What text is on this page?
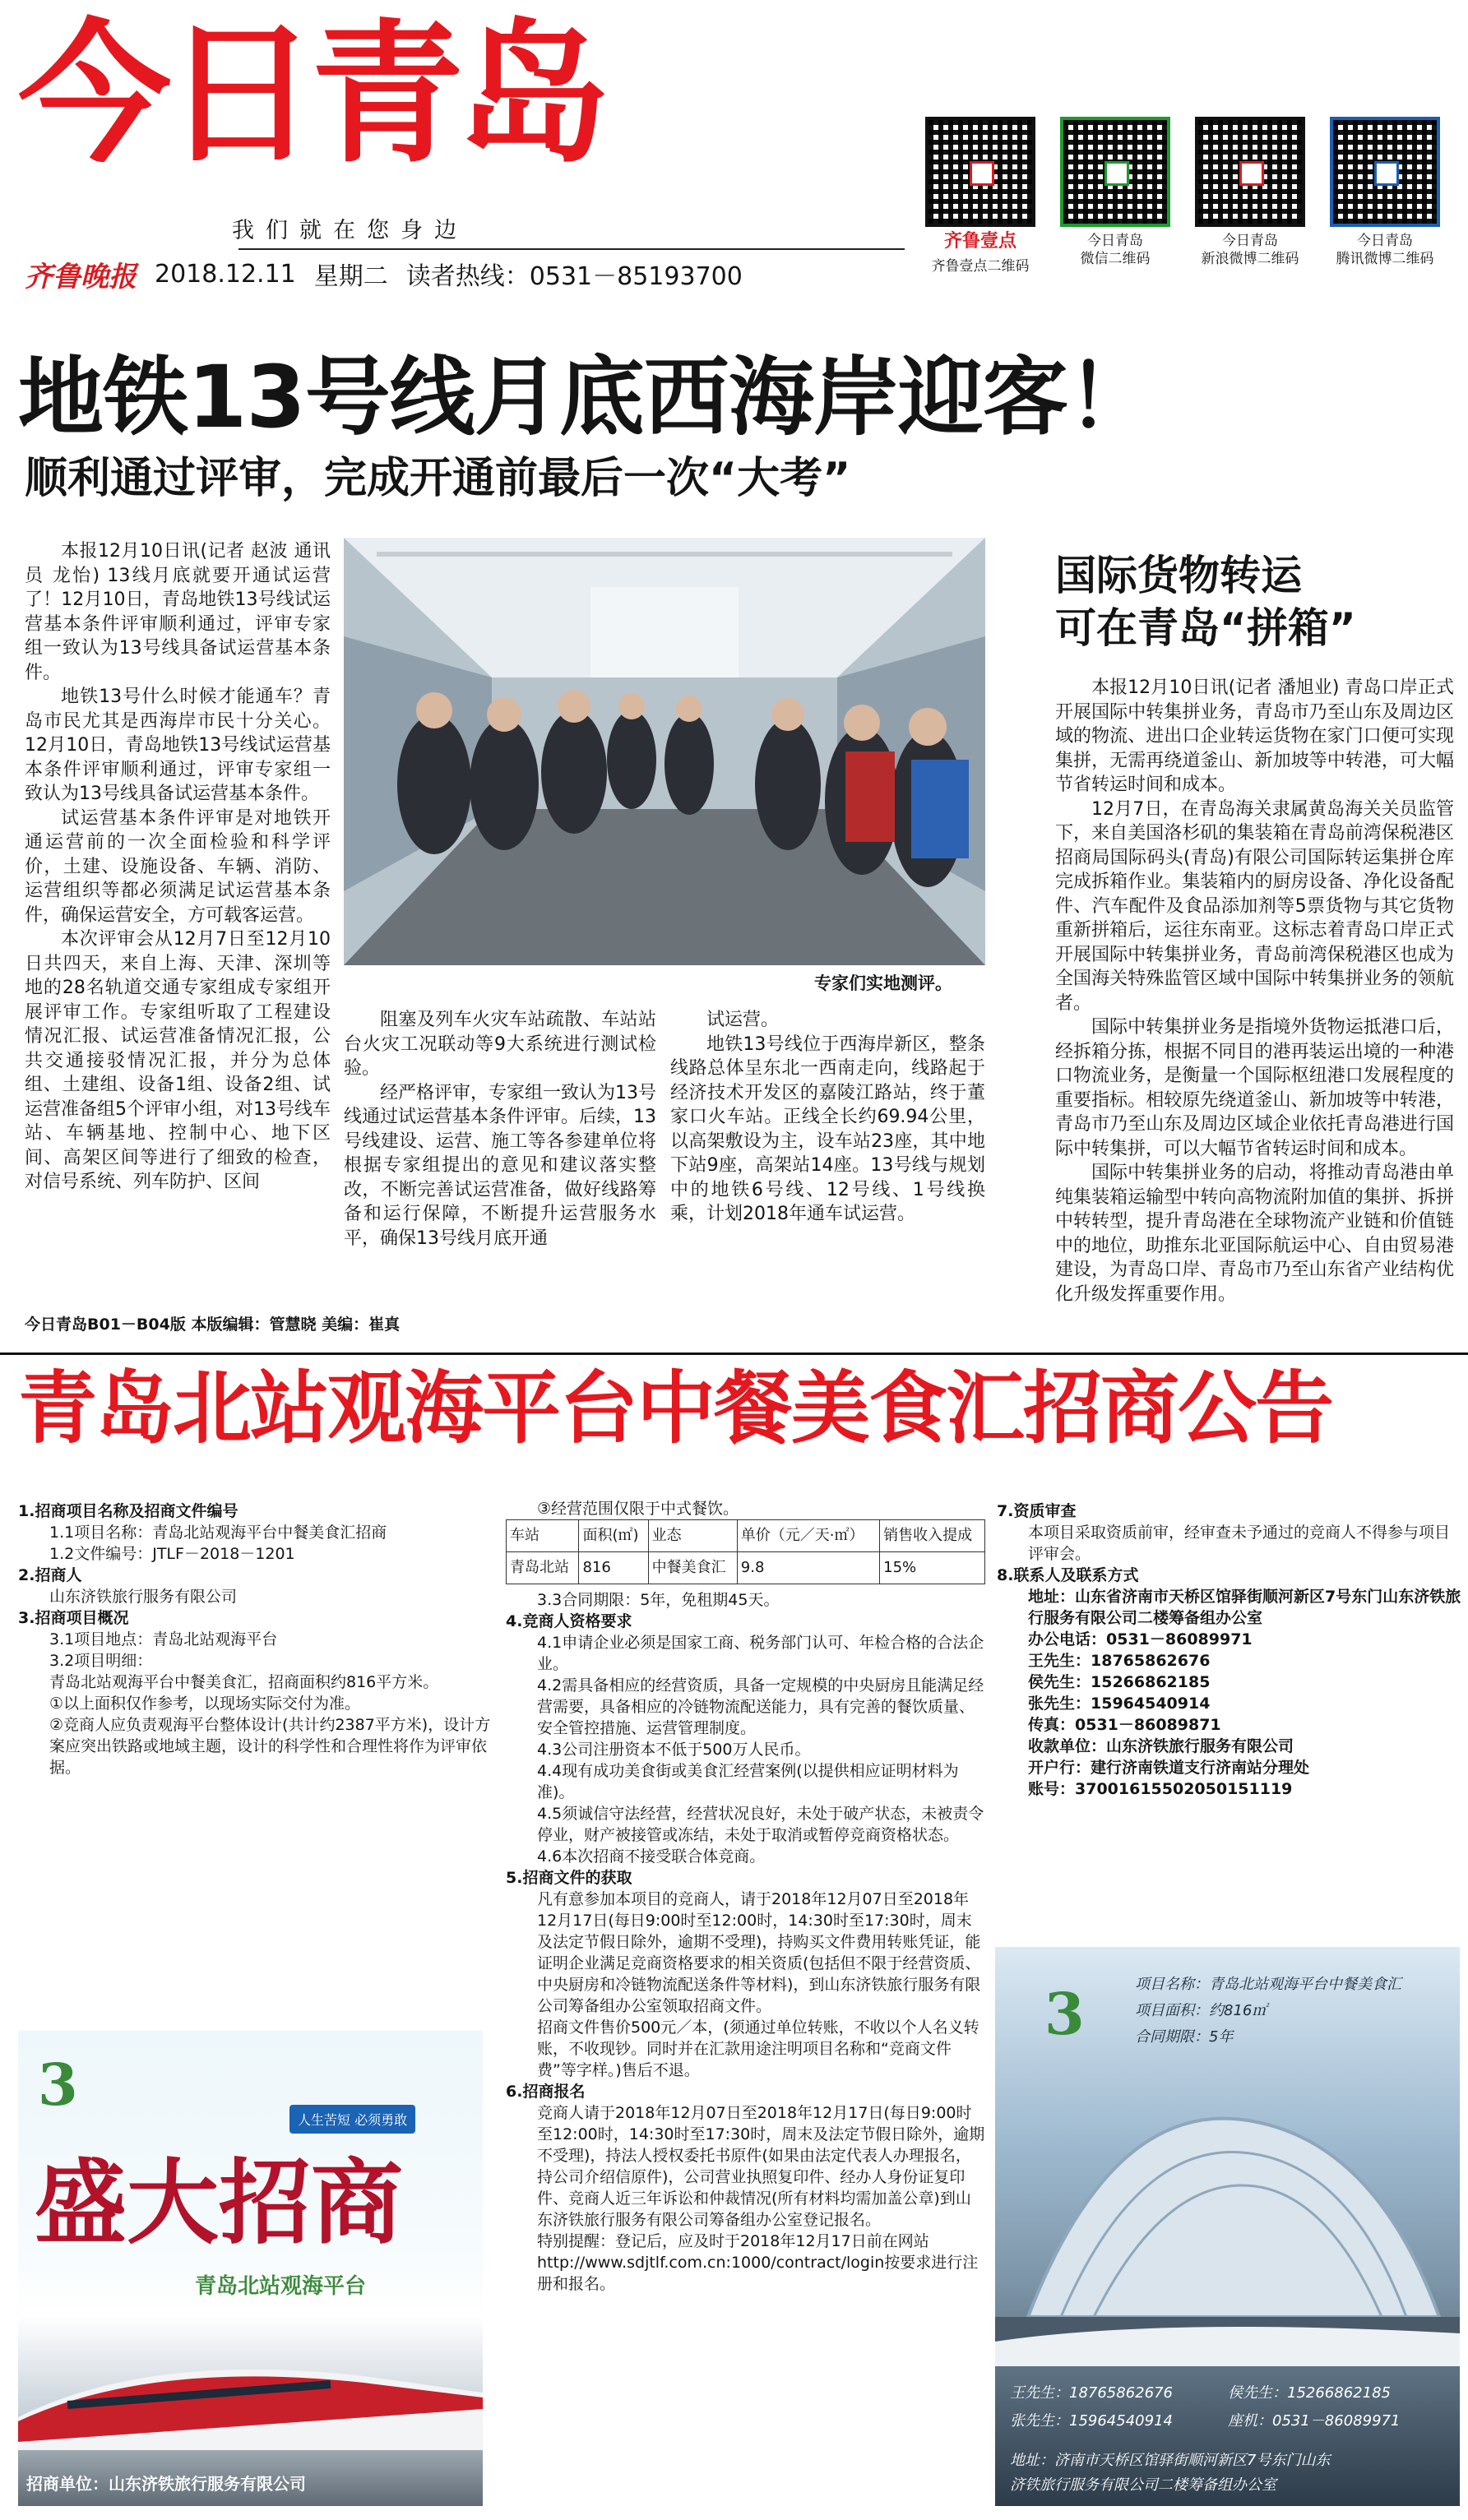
今日青岛
我们就在您身边
齐鲁晚报 2018.12.11 星期二 读者热线：0531－85193700
齐鲁壹点
齐鲁壹点二维码
今日青岛
微信二维码
今日青岛
新浪微博二维码
今日青岛
腾讯微博二维码
地铁13号线月底西海岸迎客！
顺利通过评审，完成开通前最后一次“大考”

本报12月10日讯(记者 赵波 通讯员 龙怡) 13线月底就要开通试运营了！12月10日，青岛地铁13号线试运营基本条件评审顺利通过，评审专家组一致认为13号线具备试运营基本条件。

地铁13号什么时候才能通车？青岛市民尤其是西海岸市民十分关心。12月10日，青岛地铁13号线试运营基本条件评审顺利通过，评审专家组一致认为13号线具备试运营基本条件。

试运营基本条件评审是对地铁开通运营前的一次全面检验和科学评价，土建、设施设备、车辆、消防、运营组织等都必须满足试运营基本条件，确保运营安全，方可载客运营。

本次评审会从12月7日至12月10日共四天，来自上海、天津、深圳等地的28名轨道交通专家组成专家组开展评审工作。专家组听取了工程建设情况汇报、试运营准备情况汇报，公共交通接驳情况汇报，并分为总体组、土建组、设备1组、设备2组、试运营准备组5个评审小组，对13号线车站、车辆基地、控制中心、地下区间、高架区间等进行了细致的检查，对信号系统、列车防护、区间

专家们实地测评。

阻塞及列车火灾车站疏散、车站站台火灾工况联动等9大系统进行测试检验。

经严格评审，专家组一致认为13号线通过试运营基本条件评审。后续，13号线建设、运营、施工等各参建单位将根据专家组提出的意见和建议落实整改，不断完善试运营准备，做好线路筹备和运行保障，不断提升运营服务水平，确保13号线月底开通

试运营。

地铁13号线位于西海岸新区，整条线路总体呈东北一西南走向，线路起于经济技术开发区的嘉陵江路站，终于董家口火车站。正线全长约69.94公里，以高架敷设为主，设车站23座，其中地下站9座，高架站14座。13号线与规划中的地铁6号线、12号线、1号线换乘，计划2018年通车试运营。

国际货物转运
可在青岛“拼箱”

本报12月10日讯(记者 潘旭业) 青岛口岸正式开展国际中转集拼业务，青岛市乃至山东及周边区域的物流、进出口企业转运货物在家门口便可实现集拼，无需再绕道釜山、新加坡等中转港，可大幅节省转运时间和成本。

12月7日，在青岛海关隶属黄岛海关关员监管下，来自美国洛杉矶的集装箱在青岛前湾保税港区招商局国际码头(青岛)有限公司国际转运集拼仓库完成拆箱作业。集装箱内的厨房设备、净化设备配件、汽车配件及食品添加剂等5票货物与其它货物重新拼箱后，运往东南亚。这标志着青岛口岸正式开展国际中转集拼业务，青岛前湾保税港区也成为全国海关特殊监管区域中国际中转集拼业务的领航者。

国际中转集拼业务是指境外货物运抵港口后，经拆箱分拣，根据不同目的港再装运出境的一种港口物流业务，是衡量一个国际枢纽港口发展程度的重要指标。相较原先绕道釜山、新加坡等中转港，青岛市乃至山东及周边区域企业依托青岛港进行国际中转集拼，可以大幅节省转运时间和成本。

国际中转集拼业务的启动，将推动青岛港由单纯集装箱运输型中转向高物流附加值的集拼、拆拼中转转型，提升青岛港在全球物流产业链和价值链中的地位，助推东北亚国际航运中心、自由贸易港建设，为青岛口岸、青岛市乃至山东省产业结构优化升级发挥重要作用。

今日青岛B01－B04版 本版编辑：管慧晓 美编：崔真
青岛北站观海平台中餐美食汇招商公告
1.招商项目名称及招商文件编号
1.1项目名称：青岛北站观海平台中餐美食汇招商
1.2文件编号：JTLF－2018－1201
2.招商人
山东济铁旅行服务有限公司
3.招商项目概况
3.1项目地点：青岛北站观海平台
3.2项目明细：
青岛北站观海平台中餐美食汇，招商面积约816平方米。
①以上面积仅作参考，以现场实际交付为准。
②竞商人应负责观海平台整体设计(共计约2387平方米)，设计方案应突出铁路或地域主题，设计的科学性和合理性将作为评审依据。
③经营范围仅限于中式餐饮。
车站	面积(㎡)	业态	单价（元／天·㎡）	销售收入提成
青岛北站	816	中餐美食汇	9.8	15%
3.3合同期限：5年，免租期45天。
4.竞商人资格要求
4.1申请企业必须是国家工商、税务部门认可、年检合格的合法企业。
4.2需具备相应的经营资质，具备一定规模的中央厨房且能满足经营需要，具备相应的冷链物流配送能力，具有完善的餐饮质量、安全管控措施、运营管理制度。
4.3公司注册资本不低于500万人民币。
4.4现有成功美食街或美食汇经营案例(以提供相应证明材料为准)。
4.5须诚信守法经营，经营状况良好，未处于破产状态，未被责令停业，财产被接管或冻结，未处于取消或暂停竞商资格状态。
4.6本次招商不接受联合体竞商。
5.招商文件的获取
凡有意参加本项目的竞商人，请于2018年12月07日至2018年12月17日(每日9:00时至12:00时，14:30时至17:30时，周末及法定节假日除外，逾期不受理)，持购买文件费用转账凭证，能证明企业满足竞商资格要求的相关资质(包括但不限于经营资质、中央厨房和冷链物流配送条件等材料)，到山东济铁旅行服务有限公司筹备组办公室领取招商文件。
招商文件售价500元／本，(须通过单位转账，不收以个人名义转账，不收现钞。同时并在汇款用途注明项目名称和“竞商文件费”等字样。)售后不退。
6.招商报名
竞商人请于2018年12月07日至2018年12月17日(每日9:00时至12:00时，14:30时至17:30时，周末及法定节假日除外，逾期不受理)，持法人授权委托书原件(如果由法定代表人办理报名，持公司介绍信原件)，公司营业执照复印件、经办人身份证复印件、竞商人近三年诉讼和仲裁情况(所有材料均需加盖公章)到山东济铁旅行服务有限公司筹备组办公室登记报名。
特别提醒：登记后，应及时于2018年12月17日前在网站http://www.sdjtlf.com.cn:1000/contract/login按要求进行注册和报名。
7.资质审查
本项目采取资质前审，经审查未予通过的竞商人不得参与项目评审会。
8.联系人及联系方式
地址：山东省济南市天桥区馆驿街顺河新区7号东门山东济铁旅行服务有限公司二楼筹备组办公室
办公电话：0531－86089971
王先生：18765862676
侯先生：15266862185
张先生：15964540914
传真：0531－86089871
收款单位：山东济铁旅行服务有限公司
开户行：建行济南铁道支行济南站分理处
账号：37001615502050151119
3
人生苦短 必须勇敢
盛大招商
青岛北站观海平台
招商单位：山东济铁旅行服务有限公司
3	项目名称：青岛北站观海平台中餐美食汇
项目面积：约816㎡
合同期限：5年
王先生：18765862676	侯先生：15266862185
张先生：15964540914	座机：0531－86089971
地址：济南市天桥区馆驿街顺河新区7号东门山东
济铁旅行服务有限公司二楼筹备组办公室
